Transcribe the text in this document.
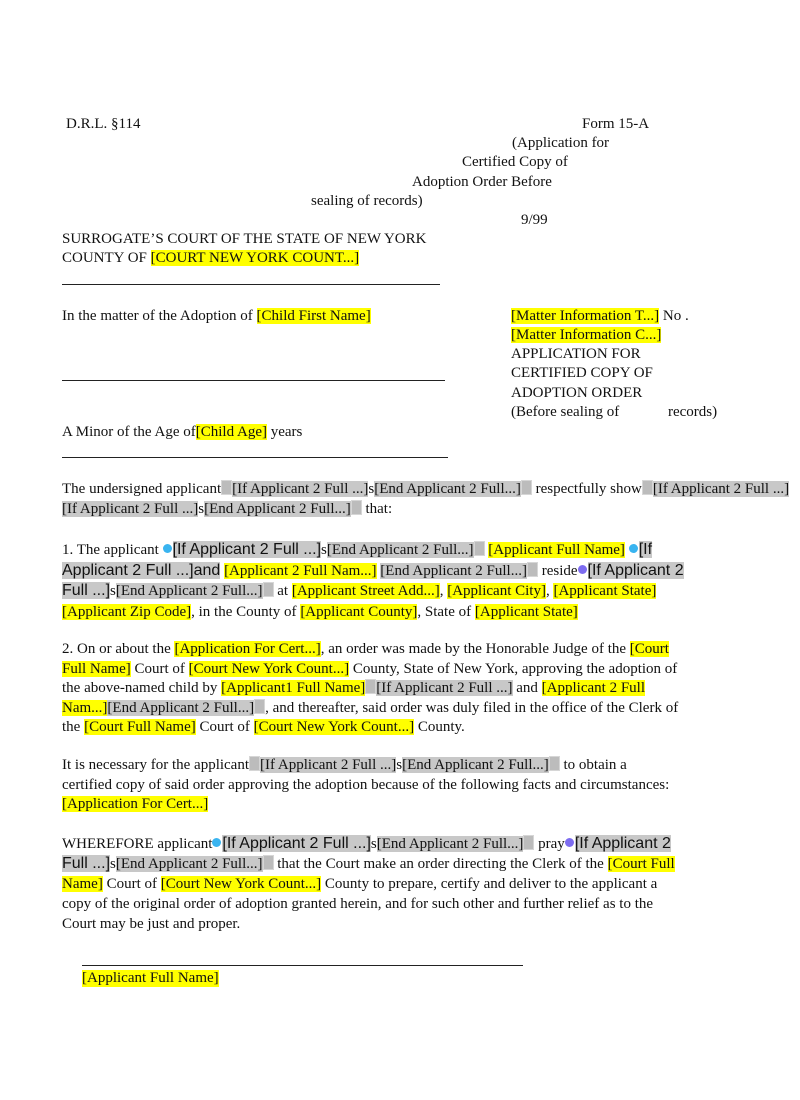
D.R.L. §114	Form 15-A
(Application for
Certified Copy of
Adoption Order Before
sealing of records)
9/99
SURROGATE’S COURT OF THE STATE OF NEW YORK
COUNTY OF [COURT NEW YORK COUNT...]
In the matter of the Adoption of [Child First Name]
A Minor of the Age of[Child Age] years
[Matter Information T...] No .
[Matter Information C...]
APPLICATION FOR
CERTIFIED COPY OF
ADOPTION ORDER
(Before sealing of	records)
The undersigned applicant [If Applicant 2 Full ...]s[End Applicant 2 Full...] respectfully show [If Applicant 2 Full ...]
[If Applicant 2 Full ...]s[End Applicant 2 Full...] that:
1. The applicant [If Applicant 2 Full ...]s[End Applicant 2 Full...] [Applicant Full Name] [If
Applicant 2 Full ...]and [Applicant 2 Full Nam...] [End Applicant 2 Full...] reside [If Applicant 2
Full ...]s[End Applicant 2 Full...] at [Applicant Street Add...], [Applicant City], [Applicant State]
[Applicant Zip Code], in the County of [Applicant County], State of [Applicant State]
2. On or about the [Application For Cert...], an order was made by the Honorable Judge of the [Court
Full Name] Court of [Court New York Count...] County, State of New York, approving the adoption of
the above-named child by [Applicant1 Full Name] [If Applicant 2 Full ...] and [Applicant 2 Full
Nam...][End Applicant 2 Full...] , and thereafter, said order was duly filed in the office of the Clerk of
the [Court Full Name] Court of [Court New York Count...] County.
It is necessary for the applicant [If Applicant 2 Full ...]s[End Applicant 2 Full...] to obtain a
certified copy of said order approving the adoption because of the following facts and circumstances:
[Application For Cert...]
WHEREFORE applicant [If Applicant 2 Full ...]s[End Applicant 2 Full...] pray [If Applicant 2
Full ...]s[End Applicant 2 Full...] that the Court make an order directing the Clerk of the [Court Full
Name] Court of [Court New York Count...] County to prepare, certify and deliver to the applicant a
copy of the original order of adoption granted herein, and for such other and further relief as to the
Court may be just and proper.
[Applicant Full Name]
